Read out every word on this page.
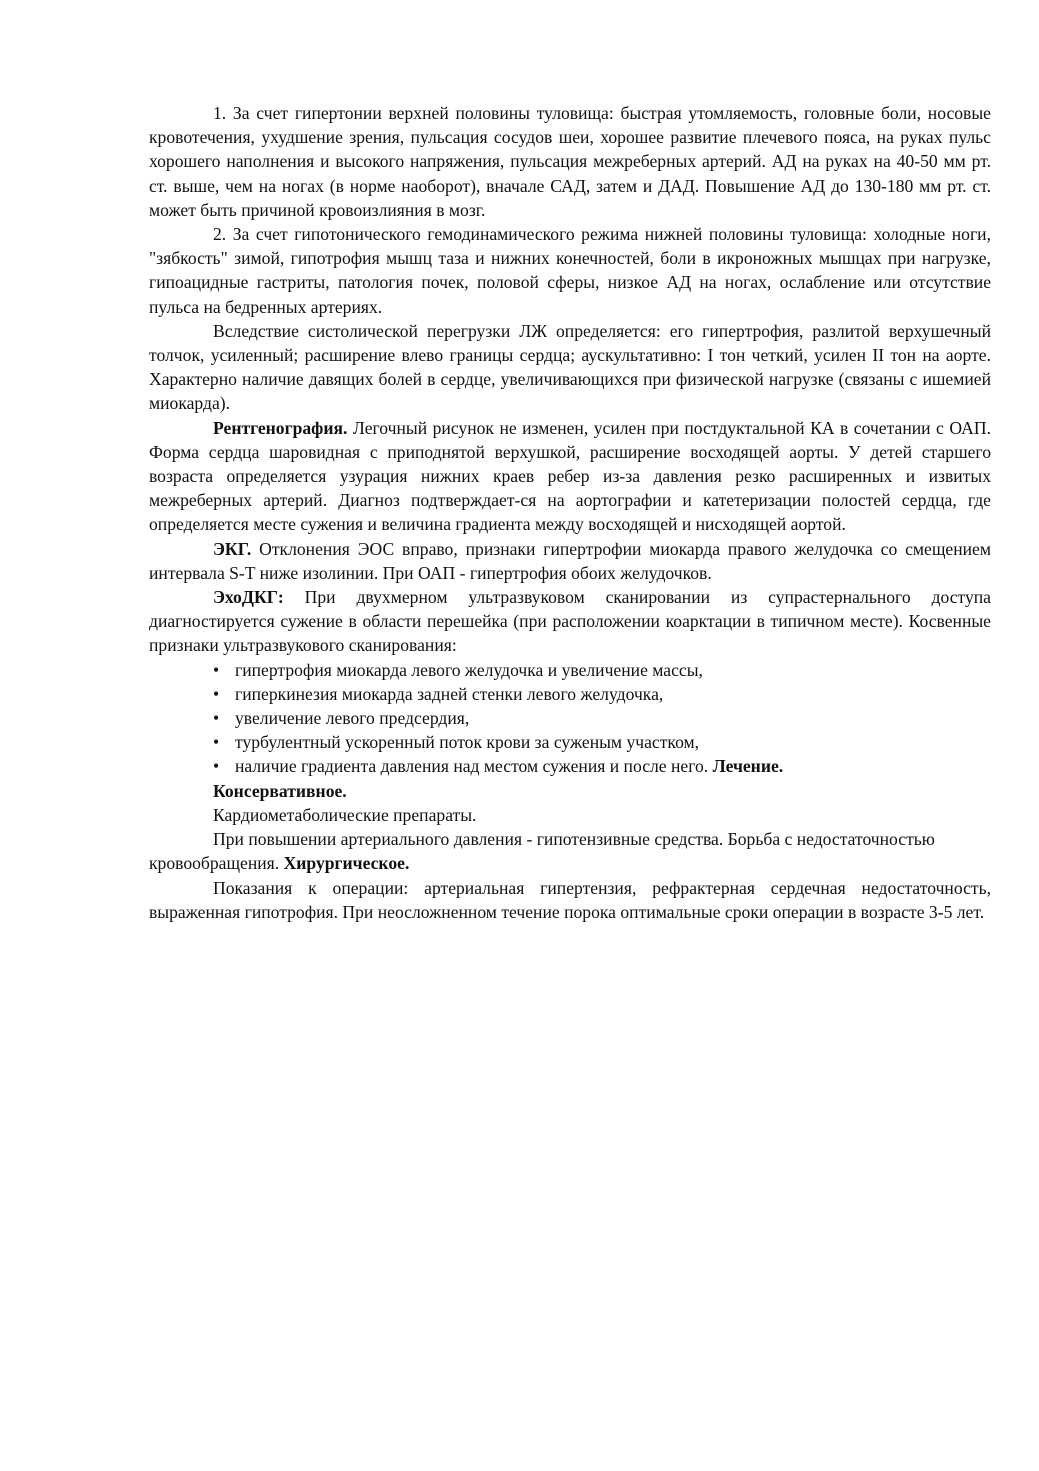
1. За счет гипертонии верхней половины туловища: быстрая утомляемость, головные боли, носовые кровотечения, ухудшение зрения, пульсация сосудов шеи, хорошее развитие плечевого пояса, на руках пульс хорошего наполнения и высокого напряжения, пульсация межреберных артерий. АД на руках на 40-50 мм рт. ст. выше, чем на ногах (в норме наоборот), вначале САД, затем и ДАД. Повышение АД до 130-180 мм рт. ст. может быть причиной кровоизлияния в мозг.

2. За счет гипотонического гемодинамического режима нижней половины туловища: холодные ноги, "зябкость" зимой, гипотрофия мышц таза и нижних конечностей, боли в икроножных мышцах при нагрузке, гипоацидные гастриты, патология почек, половой сферы, низкое АД на ногах, ослабление или отсутствие пульса на бедренных артериях.

Вследствие систолической перегрузки ЛЖ определяется: его гипертрофия, разлитой верхушечный толчок, усиленный; расширение влево границы сердца; аускультативно: I тон четкий, усилен II тон на аорте. Характерно наличие давящих болей в сердце, увеличивающихся при физической нагрузке (связаны с ишемией миокарда).

Рентгенография. Легочный рисунок не изменен, усилен при постдуктальной КА в сочетании с ОАП. Форма сердца шаровидная с приподнятой верхушкой, расширение восходящей аорты. У детей старшего возраста определяется узурация нижних краев ребер из-за давления резко расширенных и извитых межреберных артерий. Диагноз подтверждает-ся на аортографии и катетеризации полостей сердца, где определяется месте сужения и величина градиента между восходящей и нисходящей аортой.

ЭКГ. Отклонения ЭОС вправо, признаки гипертрофии миокарда правого желудочка со смещением интервала S-T ниже изолинии. При ОАП - гипертрофия обоих желудочков.

ЭхоДКГ: При двухмерном ультразвуковом сканировании из супрастернального доступа диагностируется сужение в области перешейка (при расположении коарктации в типичном месте). Косвенные признаки ультразвукового сканирования:

• гипертрофия миокарда левого желудочка и увеличение массы,
• гиперкинезия миокарда задней стенки левого желудочка,
• увеличение левого предсердия,
• турбулентный ускоренный поток крови за суженым участком,
• наличие градиента давления над местом сужения и после него. Лечение.

Консервативное.

Кардиометаболические препараты.

При повышении артериального давления - гипотензивные средства. Борьба с недостаточностью кровообращения. Хирургическое.

Показания к операции: артериальная гипертензия, рефрактерная сердечная недостаточность, выраженная гипотрофия. При неосложненном течение порока оптимальные сроки операции в возрасте 3-5 лет.
